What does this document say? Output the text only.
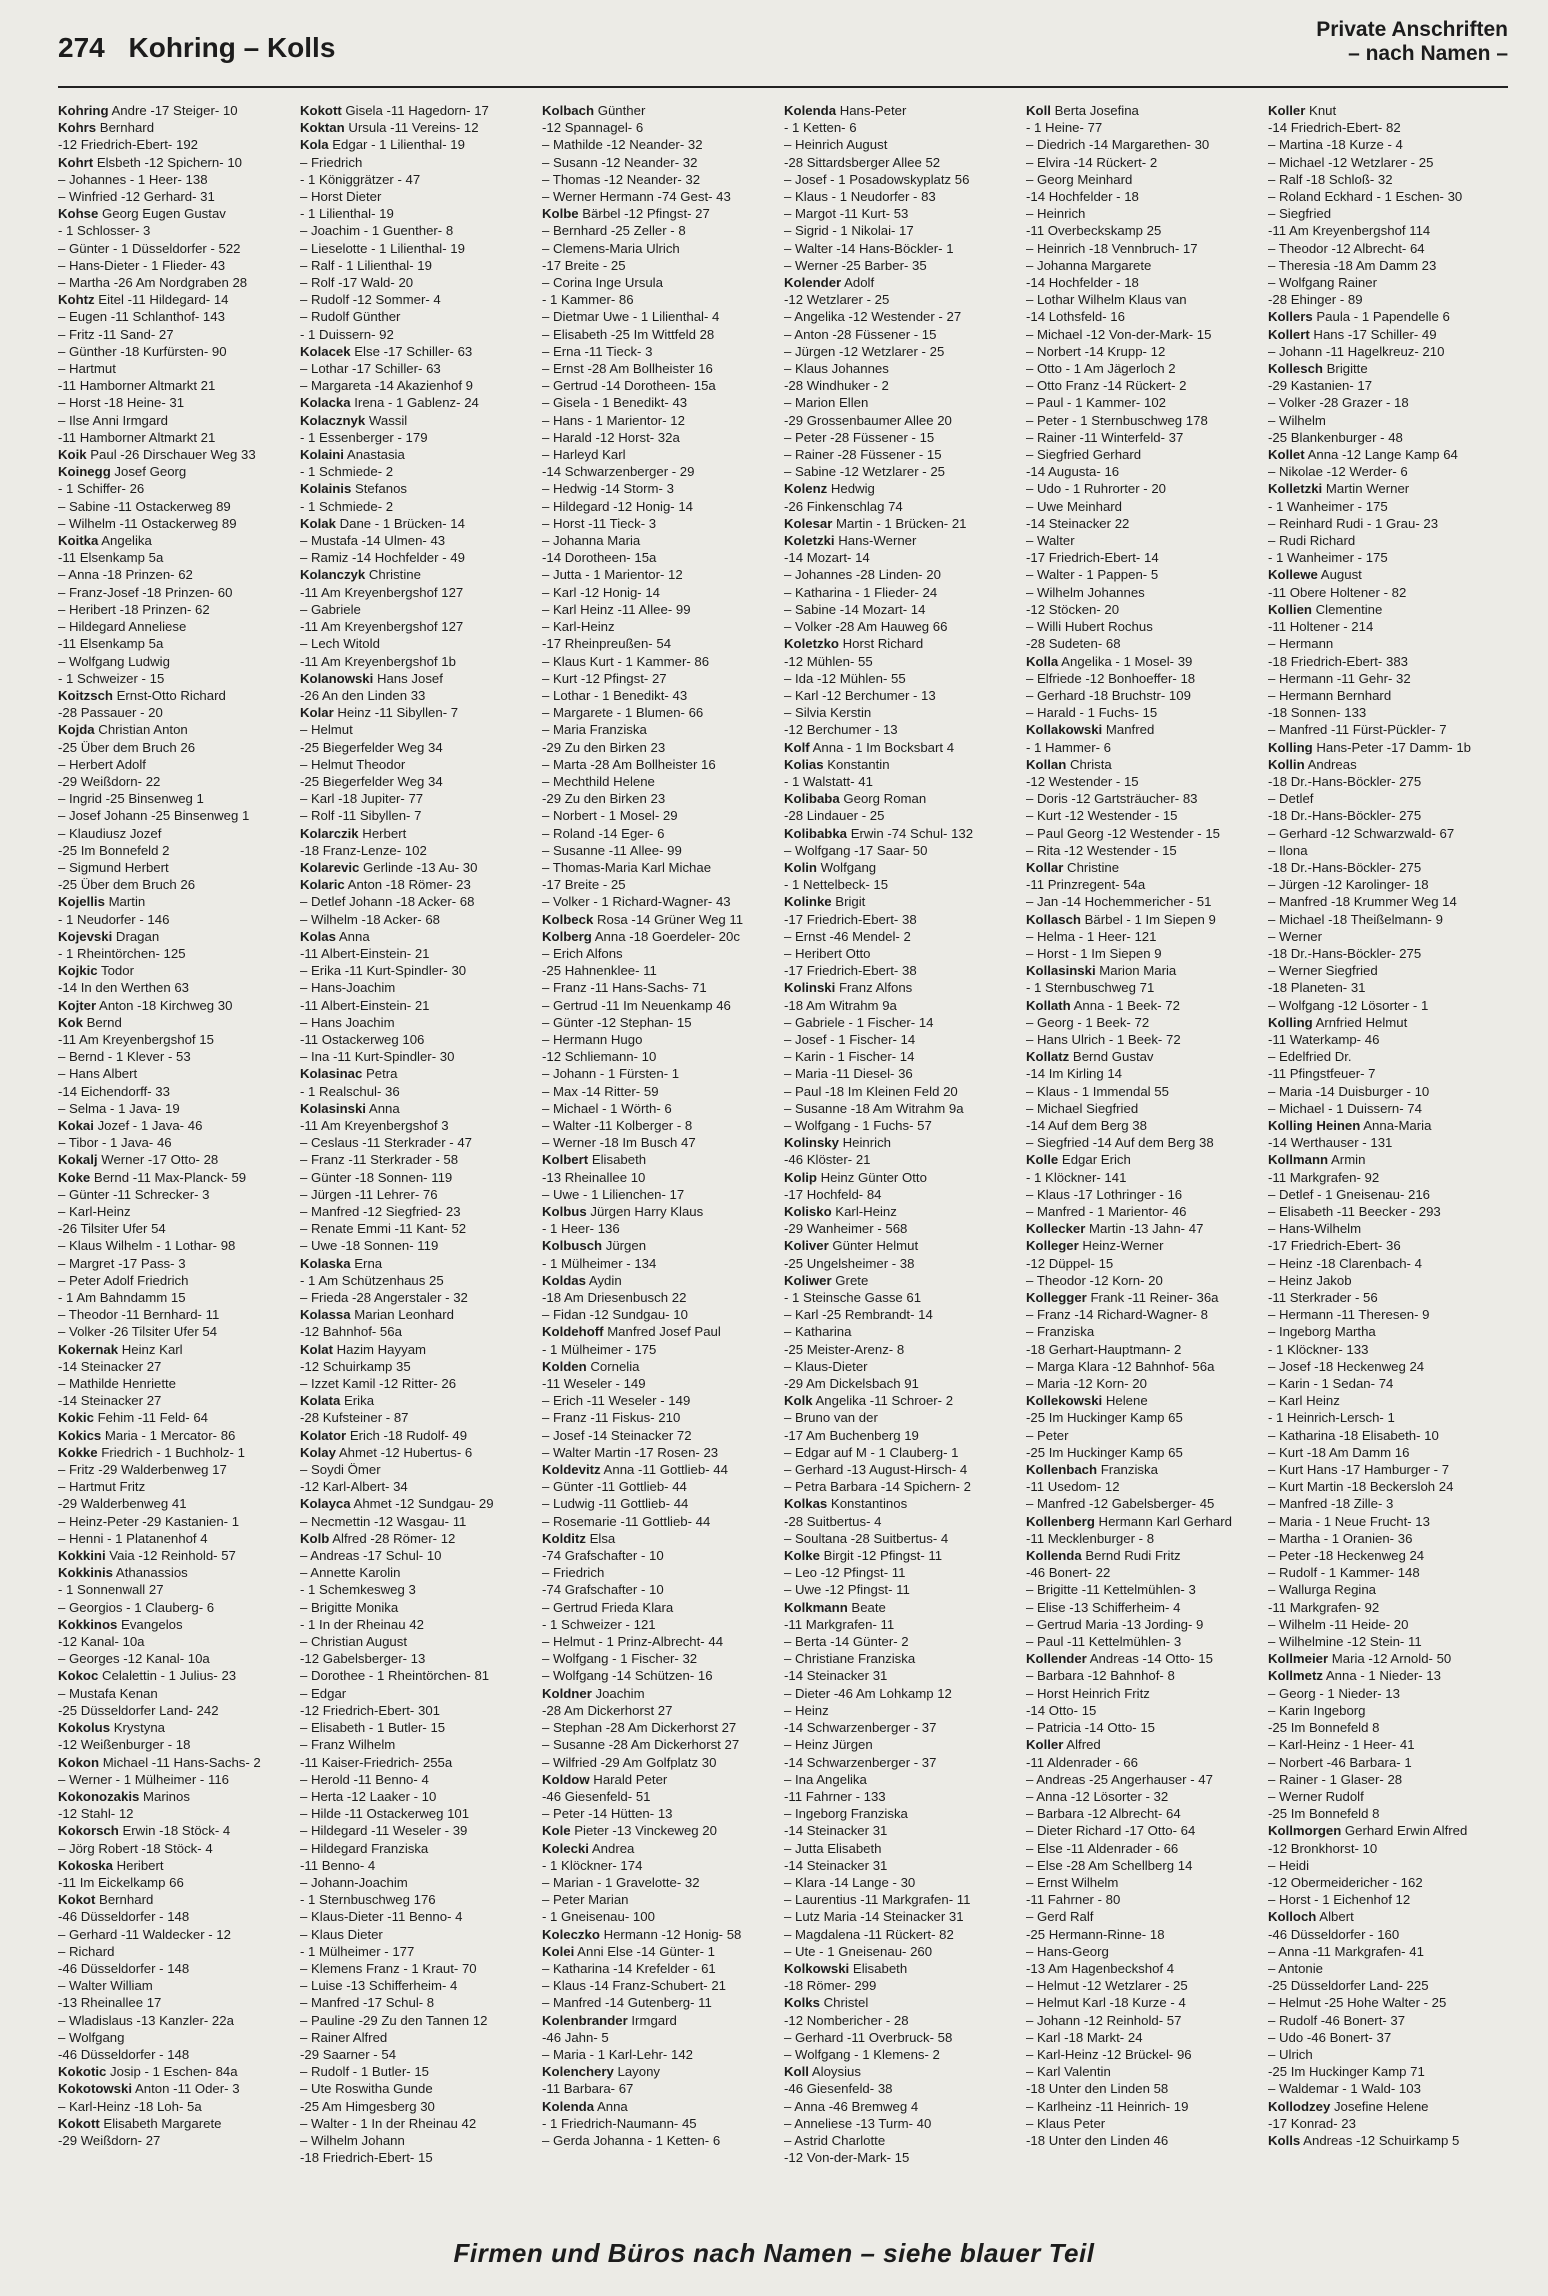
274 Kohring – Kolls
Private Anschriften
– nach Namen –
Kohring Andre -17 Steiger- 10
Kohrs Bernhard
-12 Friedrich-Ebert- 192
Kohrt Elsbeth -12 Spichern- 10
– Johannes - 1 Heer- 138
– Winfried -12 Gerhard- 31
Kohse Georg Eugen Gustav
- 1 Schlosser- 3
– Günter - 1 Düsseldorfer - 522
– Hans-Dieter - 1 Flieder- 43
– Martha -26 Am Nordgraben 28
Kohtz Eitel -11 Hildegard- 14
– Eugen -11 Schlanthof- 143
– Fritz -11 Sand- 27
– Günther -18 Kurfürsten- 90
– Hartmut
-11 Hamborner Altmarkt 21
– Horst -18 Heine- 31
– Ilse Anni Irmgard
-11 Hamborner Altmarkt 21
Koik Paul -26 Dirschauer Weg 33
Koinegg Josef Georg
- 1 Schiffer- 26
– Sabine -11 Ostackerweg 89
– Wilhelm -11 Ostackerweg 89
Koitka Angelika
-11 Elsenkamp 5a
– Anna -18 Prinzen- 62
– Franz-Josef -18 Prinzen- 60
– Heribert -18 Prinzen- 62
– Hildegard Anneliese
-11 Elsenkamp 5a
– Wolfgang Ludwig
- 1 Schweizer - 15
Koitzsch Ernst-Otto Richard
-28 Passauer - 20
Kojda Christian Anton
-25 Über dem Bruch 26
– Herbert Adolf
-29 Weißdorn- 22
– Ingrid -25 Binsenweg 1
– Josef Johann -25 Binsenweg 1
– Klaudiusz Jozef
-25 Im Bonnefeld 2
– Sigmund Herbert
-25 Über dem Bruch 26
Kojellis Martin
- 1 Neudorfer - 146
Kojevski Dragan
- 1 Rheintörchen- 125
Kojkic Todor
-14 In den Werthen 63
Kojter Anton -18 Kirchweg 30
Kok Bernd
-11 Am Kreyenbergshof 15
– Bernd - 1 Klever - 53
– Hans Albert
-14 Eichendorff- 33
– Selma - 1 Java- 19
Kokai Jozef - 1 Java- 46
– Tibor - 1 Java- 46
Kokalj Werner -17 Otto- 28
Koke Bernd -11 Max-Planck- 59
– Günter -11 Schrecker- 3
– Karl-Heinz
-26 Tilsiter Ufer 54
– Klaus Wilhelm - 1 Lothar- 98
– Margret -17 Pass- 3
– Peter Adolf Friedrich
- 1 Am Bahndamm 15
– Theodor -11 Bernhard- 11
– Volker -26 Tilsiter Ufer 54
Kokernak Heinz Karl
-14 Steinacker 27
– Mathilde Henriette
-14 Steinacker 27
Kokic Fehim -11 Feld- 64
Kokics Maria - 1 Mercator- 86
Kokke Friedrich - 1 Buchholz- 1
– Fritz -29 Walderbenweg 17
– Hartmut Fritz
-29 Walderbenweg 41
– Heinz-Peter -29 Kastanien- 1
– Henni - 1 Platanenhof 4
Kokkini Vaia -12 Reinhold- 57
Kokkinis Athanassios
- 1 Sonnenwall 27
– Georgios - 1 Clauberg- 6
Kokkinos Evangelos
-12 Kanal- 10a
– Georges -12 Kanal- 10a
Kokoc Celalettin - 1 Julius- 23
– Mustafa Kenan
-25 Düsseldorfer Land- 242
Kokolus Krystyna
-12 Weißenburger - 18
Kokon Michael -11 Hans-Sachs- 2
– Werner - 1 Mülheimer - 116
Kokonozakis Marinos
-12 Stahl- 12
Kokorsch Erwin -18 Stöck- 4
– Jörg Robert -18 Stöck- 4
Kokoska Heribert
-11 Im Eickelkamp 66
Kokot Bernhard
-46 Düsseldorfer - 148
– Gerhard -11 Waldecker - 12
– Richard
-46 Düsseldorfer - 148
– Walter William
-13 Rheinallee 17
– Wladislaus -13 Kanzler- 22a
– Wolfgang
-46 Düsseldorfer - 148
Kokotic Josip - 1 Eschen- 84a
Kokotowski Anton -11 Oder- 3
– Karl-Heinz -18 Loh- 5a
Kokott Elisabeth Margarete
-29 Weißdorn- 27
Kokott Gisela -11 Hagedorn- 17
Koktan Ursula -11 Vereins- 12
Kola Edgar - 1 Lilienthal- 19
– Friedrich
- 1 Königgrätzer - 47
– Horst Dieter
- 1 Lilienthal- 19
– Joachim - 1 Guenther- 8
– Lieselotte - 1 Lilienthal- 19
– Ralf - 1 Lilienthal- 19
– Rolf -17 Wald- 20
– Rudolf -12 Sommer- 4
– Rudolf Günther
- 1 Duissern- 92
Kolacek Else -17 Schiller- 63
– Lothar -17 Schiller- 63
– Margareta -14 Akazienhof 9
Kolacka Irena - 1 Gablenz- 24
Kolacznyk Wassil
- 1 Essenberger - 179
Kolaini Anastasia
- 1 Schmiede- 2
Kolainis Stefanos
- 1 Schmiede- 2
Kolak Dane - 1 Brücken- 14
– Mustafa -14 Ulmen- 43
– Ramiz -14 Hochfelder - 49
Kolanczyk Christine
-11 Am Kreyenbergshof 127
– Gabriele
-11 Am Kreyenbergshof 127
– Lech Witold
-11 Am Kreyenbergshof 1b
Kolanowski Hans Josef
-26 An den Linden 33
Kolar Heinz -11 Sibyllen- 7
– Helmut
-25 Biegerfelder Weg 34
– Helmut Theodor
-25 Biegerfelder Weg 34
– Karl -18 Jupiter- 77
– Rolf -11 Sibyllen- 7
Kolarczik Herbert
-18 Franz-Lenze- 102
Kolarevic Gerlinde -13 Au- 30
Kolaric Anton -18 Römer- 23
– Detlef Johann -18 Acker- 68
– Wilhelm -18 Acker- 68
Kolas Anna
-11 Albert-Einstein- 21
– Erika -11 Kurt-Spindler- 30
– Hans-Joachim
-11 Albert-Einstein- 21
– Hans Joachim
-11 Ostackerweg 106
– Ina -11 Kurt-Spindler- 30
Kolasinac Petra
- 1 Realschul- 36
Kolasinski Anna
-11 Am Kreyenbergshof 3
– Ceslaus -11 Sterkrader - 47
– Franz -11 Sterkrader - 58
– Günter -18 Sonnen- 119
– Jürgen -11 Lehrer- 76
– Manfred -12 Siegfried- 23
– Renate Emmi -11 Kant- 52
– Uwe -18 Sonnen- 119
Kolaska Erna
- 1 Am Schützenhaus 25
– Frieda -28 Angerstaler - 32
Kolassa Marian Leonhard
-12 Bahnhof- 56a
Kolat Hazim Hayyam
-12 Schuirkamp 35
– Izzet Kamil -12 Ritter- 26
Kolata Erika
-28 Kufsteiner - 87
Kolator Erich -18 Rudolf- 49
Kolay Ahmet -12 Hubertus- 6
– Soydi Ömer
-12 Karl-Albert- 34
Kolayca Ahmet -12 Sundgau- 29
– Necmettin -12 Wasgau- 11
Kolb Alfred -28 Römer- 12
– Andreas -17 Schul- 10
– Annette Karolin
- 1 Schemkesweg 3
– Brigitte Monika
- 1 In der Rheinau 42
– Christian August
-12 Gabelsberger- 13
– Dorothee - 1 Rheintörchen- 81
– Edgar
-12 Friedrich-Ebert- 301
– Elisabeth - 1 Butler- 15
– Franz Wilhelm
-11 Kaiser-Friedrich- 255a
– Herold -11 Benno- 4
– Herta -12 Laaker - 10
– Hilde -11 Ostackerweg 101
– Hildegard -11 Weseler - 39
– Hildegard Franziska
-11 Benno- 4
– Johann-Joachim
- 1 Sternbuschweg 176
– Klaus-Dieter -11 Benno- 4
– Klaus Dieter
- 1 Mülheimer - 177
– Klemens Franz - 1 Kraut- 70
– Luise -13 Schifferheim- 4
– Manfred -17 Schul- 8
– Pauline -29 Zu den Tannen 12
– Rainer Alfred
-29 Saarner - 54
– Rudolf - 1 Butler- 15
– Ute Roswitha Gunde
-25 Am Himgesberg 30
– Walter - 1 In der Rheinau 42
– Wilhelm Johann
-18 Friedrich-Ebert- 15
Kolbach Günther
-12 Spannagel- 6
– Mathilde -12 Neander- 32
– Susann -12 Neander- 32
– Thomas -12 Neander- 32
– Werner Hermann -74 Gest- 43
Kolbe Bärbel -12 Pfingst- 27
– Bernhard -25 Zeller - 8
– Clemens-Maria Ulrich
-17 Breite - 25
– Corina Inge Ursula
- 1 Kammer- 86
– Dietmar Uwe - 1 Lilienthal- 4
– Elisabeth -25 Im Wittfeld 28
– Erna -11 Tieck- 3
– Ernst -28 Am Bollheister 16
– Gertrud -14 Dorotheen- 15a
– Gisela - 1 Benedikt- 43
– Hans - 1 Marientor- 12
– Harald -12 Horst- 32a
– Harleyd Karl
-14 Schwarzenberger - 29
– Hedwig -14 Storm- 3
– Hildegard -12 Honig- 14
– Horst -11 Tieck- 3
– Johanna Maria
-14 Dorotheen- 15a
– Jutta - 1 Marientor- 12
– Karl -12 Honig- 14
– Karl Heinz -11 Allee- 99
– Karl-Heinz
-17 Rheinpreußen- 54
– Klaus Kurt - 1 Kammer- 86
– Kurt -12 Pfingst- 27
– Lothar - 1 Benedikt- 43
– Margarete - 1 Blumen- 66
– Maria Franziska
-29 Zu den Birken 23
– Marta -28 Am Bollheister 16
– Mechthild Helene
-29 Zu den Birken 23
– Norbert - 1 Mosel- 29
– Roland -14 Eger- 6
– Susanne -11 Allee- 99
– Thomas-Maria Karl Michae
-17 Breite - 25
– Volker - 1 Richard-Wagner- 43
Kolbeck Rosa -14 Grüner Weg 11
Kolberg Anna -18 Goerdeler- 20c
– Erich Alfons
-25 Hahnenklee- 11
– Franz -11 Hans-Sachs- 71
– Gertrud -11 Im Neuenkamp 46
– Günter -12 Stephan- 15
– Hermann Hugo
-12 Schliemann- 10
– Johann - 1 Fürsten- 1
– Max -14 Ritter- 59
– Michael - 1 Wörth- 6
– Walter -11 Kolberger - 8
– Werner -18 Im Busch 47
Kolbert Elisabeth
-13 Rheinallee 10
– Uwe - 1 Lilienchen- 17
Kolbus Jürgen Harry Klaus
- 1 Heer- 136
Kolbusch Jürgen
- 1 Mülheimer - 134
Koldas Aydin
-18 Am Driesenbusch 22
– Fidan -12 Sundgau- 10
Koldehoff Manfred Josef Paul
- 1 Mülheimer - 175
Kolden Cornelia
-11 Weseler - 149
– Erich -11 Weseler - 149
– Franz -11 Fiskus- 210
– Josef -14 Steinacker 72
– Walter Martin -17 Rosen- 23
Koldevitz Anna -11 Gottlieb- 44
– Günter -11 Gottlieb- 44
– Ludwig -11 Gottlieb- 44
– Rosemarie -11 Gottlieb- 44
Kolditz Elsa
-74 Grafschafter - 10
– Friedrich
-74 Grafschafter - 10
– Gertrud Frieda Klara
- 1 Schweizer - 121
– Helmut - 1 Prinz-Albrecht- 44
– Wolfgang - 1 Fischer- 32
– Wolfgang -14 Schützen- 16
Koldner Joachim
-28 Am Dickerhorst 27
– Stephan -28 Am Dickerhorst 27
– Susanne -28 Am Dickerhorst 27
– Wilfried -29 Am Golfplatz 30
Koldow Harald Peter
-46 Giesenfeld- 51
– Peter -14 Hütten- 13
Kole Pieter -13 Vinckeweg 20
Kolecki Andrea
- 1 Klöckner- 174
– Marian - 1 Gravelotte- 32
– Peter Marian
- 1 Gneisenau- 100
Koleczko Hermann -12 Honig- 58
Kolei Anni Else -14 Günter- 1
– Katharina -14 Krefelder - 61
– Klaus -14 Franz-Schubert- 21
– Manfred -14 Gutenberg- 11
Kolenbrander Irmgard
-46 Jahn- 5
– Maria - 1 Karl-Lehr- 142
Kolenchery Layony
-11 Barbara- 67
Kolenda Anna
- 1 Friedrich-Naumann- 45
– Gerda Johanna - 1 Ketten- 6
Kolenda Hans-Peter
- 1 Ketten- 6
– Heinrich August
-28 Sittardsberger Allee 52
– Josef - 1 Posadowskyplatz 56
– Klaus - 1 Neudorfer - 83
– Margot -11 Kurt- 53
– Sigrid - 1 Nikolai- 17
– Walter -14 Hans-Böckler- 1
– Werner -25 Barber- 35
Kolender Adolf
-12 Wetzlarer - 25
– Angelika -12 Westender - 27
– Anton -28 Füssener - 15
– Jürgen -12 Wetzlarer - 25
– Klaus Johannes
-28 Windhuker - 2
– Marion Ellen
-29 Grossenbaumer Allee 20
– Peter -28 Füssener - 15
– Rainer -28 Füssener - 15
– Sabine -12 Wetzlarer - 25
Kolenz Hedwig
-26 Finkenschlag 74
Kolesar Martin - 1 Brücken- 21
Koletzki Hans-Werner
-14 Mozart- 14
– Johannes -28 Linden- 20
– Katharina - 1 Flieder- 24
– Sabine -14 Mozart- 14
– Volker -28 Am Hauweg 66
Koletzko Horst Richard
-12 Mühlen- 55
– Ida -12 Mühlen- 55
– Karl -12 Berchumer - 13
– Silvia Kerstin
-12 Berchumer - 13
Kolf Anna - 1 Im Bocksbart 4
Kolias Konstantin
- 1 Walstatt- 41
Kolibaba Georg Roman
-28 Lindauer - 25
Kolibabka Erwin -74 Schul- 132
– Wolfgang -17 Saar- 50
Kolin Wolfgang
- 1 Nettelbeck- 15
Kolinke Brigit
-17 Friedrich-Ebert- 38
– Ernst -46 Mendel- 2
– Heribert Otto
-17 Friedrich-Ebert- 38
Kolinski Franz Alfons
-18 Am Witrahm 9a
– Gabriele - 1 Fischer- 14
– Josef - 1 Fischer- 14
– Karin - 1 Fischer- 14
– Maria -11 Diesel- 36
– Paul -18 Im Kleinen Feld 20
– Susanne -18 Am Witrahm 9a
– Wolfgang - 1 Fuchs- 57
Kolinsky Heinrich
-46 Klöster- 21
Kolip Heinz Günter Otto
-17 Hochfeld- 84
Kolisko Karl-Heinz
-29 Wanheimer - 568
Koliver Günter Helmut
-25 Ungelsheimer - 38
Koliwer Grete
- 1 Steinsche Gasse 61
– Karl -25 Rembrandt- 14
– Katharina
-25 Meister-Arenz- 8
– Klaus-Dieter
-29 Am Dickelsbach 91
Kolk Angelika -11 Schroer- 2
– Bruno van der
-17 Am Buchenberg 19
– Edgar auf M - 1 Clauberg- 1
– Gerhard -13 August-Hirsch- 4
– Petra Barbara -14 Spichern- 2
Kolkas Konstantinos
-28 Suitbertus- 4
– Soultana -28 Suitbertus- 4
Kolke Birgit -12 Pfingst- 11
– Leo -12 Pfingst- 11
– Uwe -12 Pfingst- 11
Kolkmann Beate
-11 Markgrafen- 11
– Berta -14 Günter- 2
– Christiane Franziska
-14 Steinacker 31
– Dieter -46 Am Lohkamp 12
– Heinz
-14 Schwarzenberger - 37
– Heinz Jürgen
-14 Schwarzenberger - 37
– Ina Angelika
-11 Fahrner - 133
– Ingeborg Franziska
-14 Steinacker 31
– Jutta Elisabeth
-14 Steinacker 31
– Klara -14 Lange - 30
– Laurentius -11 Markgrafen- 11
– Lutz Maria -14 Steinacker 31
– Magdalena -11 Rückert- 82
– Ute - 1 Gneisenau- 260
Kolkowski Elisabeth
-18 Römer- 299
Kolks Christel
-12 Nombericher - 28
– Gerhard -11 Overbruck- 58
– Wolfgang - 1 Klemens- 2
Koll Aloysius
-46 Giesenfeld- 38
– Anna -46 Bremweg 4
– Anneliese -13 Turm- 40
– Astrid Charlotte
-12 Von-der-Mark- 15
Koll Berta Josefina
- 1 Heine- 77
– Diedrich -14 Margarethen- 30
– Elvira -14 Rückert- 2
– Georg Meinhard
-14 Hochfelder - 18
– Heinrich
-11 Overbeckskamp 25
– Heinrich -18 Vennbruch- 17
– Johanna Margarete
-14 Hochfelder - 18
– Lothar Wilhelm Klaus van
-14 Lothsfeld- 16
– Michael -12 Von-der-Mark- 15
– Norbert -14 Krupp- 12
– Otto - 1 Am Jägerloch 2
– Otto Franz -14 Rückert- 2
– Paul - 1 Kammer- 102
– Peter - 1 Sternbuschweg 178
– Rainer -11 Winterfeld- 37
– Siegfried Gerhard
-14 Augusta- 16
– Udo - 1 Ruhrorter - 20
– Uwe Meinhard
-14 Steinacker 22
– Walter
-17 Friedrich-Ebert- 14
– Walter - 1 Pappen- 5
– Wilhelm Johannes
-12 Stöcken- 20
– Willi Hubert Rochus
-28 Sudeten- 68
Kolla Angelika - 1 Mosel- 39
– Elfriede -12 Bonhoeffer- 18
– Gerhard -18 Bruchstr- 109
– Harald - 1 Fuchs- 15
Kollakowski Manfred
- 1 Hammer- 6
Kollan Christa
-12 Westender - 15
– Doris -12 Gartsträucher- 83
– Kurt -12 Westender - 15
– Paul Georg -12 Westender - 15
– Rita -12 Westender - 15
Kollar Christine
-11 Prinzregent- 54a
– Jan -14 Hochemmericher - 51
Kollasch Bärbel - 1 Im Siepen 9
– Helma - 1 Heer- 121
– Horst - 1 Im Siepen 9
Kollasinski Marion Maria
- 1 Sternbuschweg 71
Kollath Anna - 1 Beek- 72
– Georg - 1 Beek- 72
– Hans Ulrich - 1 Beek- 72
Kollatz Bernd Gustav
-14 Im Kirling 14
– Klaus - 1 Immendal 55
– Michael Siegfried
-14 Auf dem Berg 38
– Siegfried -14 Auf dem Berg 38
Kolle Edgar Erich
- 1 Klöckner- 141
– Klaus -17 Lothringer - 16
– Manfred - 1 Marientor- 46
Kollecker Martin -13 Jahn- 47
Kolleger Heinz-Werner
-12 Düppel- 15
– Theodor -12 Korn- 20
Kollegger Frank -11 Reiner- 36a
– Franz -14 Richard-Wagner- 8
– Franziska
-18 Gerhart-Hauptmann- 2
– Marga Klara -12 Bahnhof- 56a
– Maria -12 Korn- 20
Kollekowski Helene
-25 Im Huckinger Kamp 65
– Peter
-25 Im Huckinger Kamp 65
Kollenbach Franziska
-11 Usedom- 12
– Manfred -12 Gabelsberger- 45
Kollenberg Hermann Karl Gerhard
-11 Mecklenburger - 8
Kollenda Bernd Rudi Fritz
-46 Bonert- 22
– Brigitte -11 Kettelmühlen- 3
– Elise -13 Schifferheim- 4
– Gertrud Maria -13 Jording- 9
– Paul -11 Kettelmühlen- 3
Kollender Andreas -14 Otto- 15
– Barbara -12 Bahnhof- 8
– Horst Heinrich Fritz
-14 Otto- 15
– Patricia -14 Otto- 15
Koller Alfred
-11 Aldenrader - 66
– Andreas -25 Angerhauser - 47
– Anna -12 Lösorter - 32
– Barbara -12 Albrecht- 64
– Dieter Richard -17 Otto- 64
– Else -11 Aldenrader - 66
– Else -28 Am Schellberg 14
– Ernst Wilhelm
-11 Fahrner - 80
– Gerd Ralf
-25 Hermann-Rinne- 18
– Hans-Georg
-13 Am Hagenbeckshof 4
– Helmut -12 Wetzlarer - 25
– Helmut Karl -18 Kurze - 4
– Johann -12 Reinhold- 57
– Karl -18 Markt- 24
– Karl-Heinz -12 Brückel- 96
– Karl Valentin
-18 Unter den Linden 58
– Karlheinz -11 Heinrich- 19
– Klaus Peter
-18 Unter den Linden 46
Koller Knut
-14 Friedrich-Ebert- 82
– Martina -18 Kurze - 4
– Michael -12 Wetzlarer - 25
– Ralf -18 Schloß- 32
– Roland Eckhard - 1 Eschen- 30
– Siegfried
-11 Am Kreyenbergshof 114
– Theodor -12 Albrecht- 64
– Theresia -18 Am Damm 23
– Wolfgang Rainer
-28 Ehinger - 89
Kollers Paula - 1 Papendelle 6
Kollert Hans -17 Schiller- 49
– Johann -11 Hagelkreuz- 210
Kollesch Brigitte
-29 Kastanien- 17
– Volker -28 Grazer - 18
– Wilhelm
-25 Blankenburger - 48
Kollet Anna -12 Lange Kamp 64
– Nikolae -12 Werder- 6
Kolletzki Martin Werner
- 1 Wanheimer - 175
– Reinhard Rudi - 1 Grau- 23
– Rudi Richard
- 1 Wanheimer - 175
Kollewe August
-11 Obere Holtener - 82
Kollien Clementine
-11 Holtener - 214
– Hermann
-18 Friedrich-Ebert- 383
– Hermann -11 Gehr- 32
– Hermann Bernhard
-18 Sonnen- 133
– Manfred -11 Fürst-Pückler- 7
Kolling Hans-Peter -17 Damm- 1b
Kollin Andreas
-18 Dr.-Hans-Böckler- 275
– Detlef
-18 Dr.-Hans-Böckler- 275
– Gerhard -12 Schwarzwald- 67
– Ilona
-18 Dr.-Hans-Böckler- 275
– Jürgen -12 Karolinger- 18
– Manfred -18 Krummer Weg 14
– Michael -18 Theißelmann- 9
– Werner
-18 Dr.-Hans-Böckler- 275
– Werner Siegfried
-18 Planeten- 31
– Wolfgang -12 Lösorter - 1
Kolling Arnfried Helmut
-11 Waterkamp- 46
– Edelfried Dr.
-11 Pfingstfeuer- 7
– Maria -14 Duisburger - 10
– Michael - 1 Duissern- 74
Kolling Heinen Anna-Maria
-14 Werthauser - 131
Kollmann Armin
-11 Markgrafen- 92
– Detlef - 1 Gneisenau- 216
– Elisabeth -11 Beecker - 293
– Hans-Wilhelm
-17 Friedrich-Ebert- 36
– Heinz -18 Clarenbach- 4
– Heinz Jakob
-11 Sterkrader - 56
– Hermann -11 Theresen- 9
– Ingeborg Martha
- 1 Klöckner- 133
– Josef -18 Heckenweg 24
– Karin - 1 Sedan- 74
– Karl Heinz
- 1 Heinrich-Lersch- 1
– Katharina -18 Elisabeth- 10
– Kurt -18 Am Damm 16
– Kurt Hans -17 Hamburger - 7
– Kurt Martin -18 Beckersloh 24
– Manfred -18 Zille- 3
– Maria - 1 Neue Frucht- 13
– Martha - 1 Oranien- 36
– Peter -18 Heckenweg 24
– Rudolf - 1 Kammer- 148
– Wallurga Regina
-11 Markgrafen- 92
– Wilhelm -11 Heide- 20
– Wilhelmine -12 Stein- 11
Kollmeier Maria -12 Arnold- 50
Kollmetz Anna - 1 Nieder- 13
– Georg - 1 Nieder- 13
– Karin Ingeborg
-25 Im Bonnefeld 8
– Karl-Heinz - 1 Heer- 41
– Norbert -46 Barbara- 1
– Rainer - 1 Glaser- 28
– Werner Rudolf
-25 Im Bonnefeld 8
Kollmorgen Gerhard Erwin Alfred
-12 Bronkhorst- 10
– Heidi
-12 Obermeidericher - 162
– Horst - 1 Eichenhof 12
Kolloch Albert
-46 Düsseldorfer - 160
– Anna -11 Markgrafen- 41
– Antonie
-25 Düsseldorfer Land- 225
– Helmut -25 Hohe Walter - 25
– Rudolf -46 Bonert- 37
– Udo -46 Bonert- 37
– Ulrich
-25 Im Huckinger Kamp 71
– Waldemar - 1 Wald- 103
Kollodzey Josefine Helene
-17 Konrad- 23
Kolls Andreas -12 Schuirkamp 5
Firmen und Büros nach Namen – siehe blauer Teil
